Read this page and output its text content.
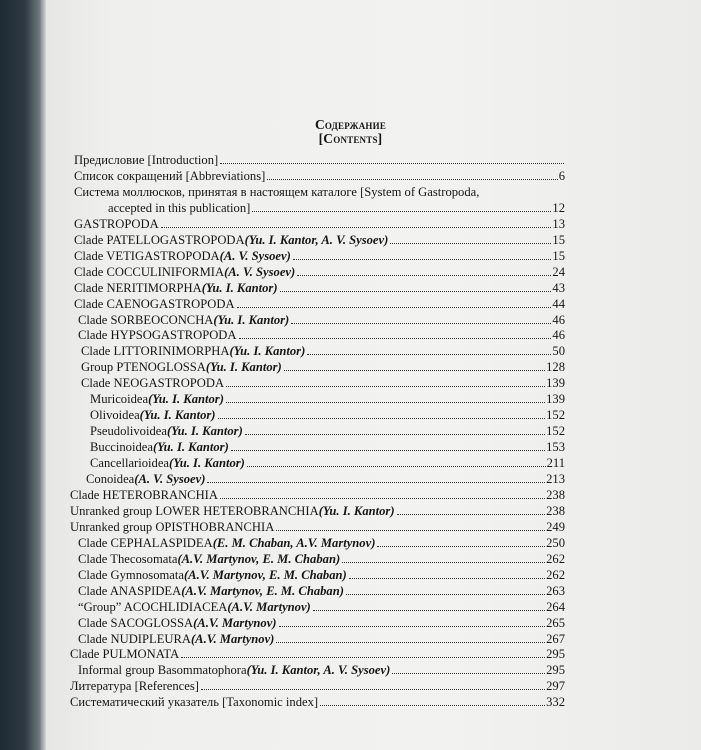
Содержание
[Contents]
Предисловие [Introduction]
Список сокращений [Abbreviations]	6
Система моллюсков, принятая в настоящем каталоге [System of Gastropoda,
accepted in this publication]	12
GASTROPODA	13
Clade PATELLOGASTROPODA (Yu. I. Kantor, A. V. Sysoev)	15
Clade VETIGASTROPODA (A. V. Sysoev)	15
Clade COCCULINIFORMIA (A. V. Sysoev)	24
Clade NERITIMORPHA (Yu. I. Kantor)	43
Clade CAENOGASTROPODA	44
Clade SORBEOCONCHA (Yu. I. Kantor)	46
Clade HYPSOGASTROPODA	46
Clade LITTORINIMORPHA (Yu. I. Kantor)	50
Group PTENOGLOSSA (Yu. I. Kantor)	128
Clade NEOGASTROPODA	139
Muricoidea (Yu. I. Kantor)	139
Olivoidea (Yu. I. Kantor)	152
Pseudolivoidea (Yu. I. Kantor)	152
Buccinoidea (Yu. I. Kantor)	153
Cancellarioidea (Yu. I. Kantor)	211
Conoidea (A. V. Sysoev)	213
Clade HETEROBRANCHIA	238
Unranked group LOWER HETEROBRANCHIA (Yu. I. Kantor)	238
Unranked group OPISTHOBRANCHIA	249
Clade CEPHALASPIDEA (E. M. Chaban, A.V. Martynov)	250
Clade Thecosomata (A.V. Martynov, E. M. Chaban)	262
Clade Gymnosomata (A.V. Martynov, E. M. Chaban)	262
Clade ANASPIDEA (A.V. Martynov, E. M. Chaban)	263
“Group” ACOCHLIDIACEA (A.V. Martynov)	264
Clade SACOGLOSSA (A.V. Martynov)	265
Clade NUDIPLEURA (A.V. Martynov)	267
Clade PULMONATA	295
Informal group Basommatophora (Yu. I. Kantor, A. V. Sysoev)	295
Литература [References]	297
Систематический указатель [Taxonomic index]	332
